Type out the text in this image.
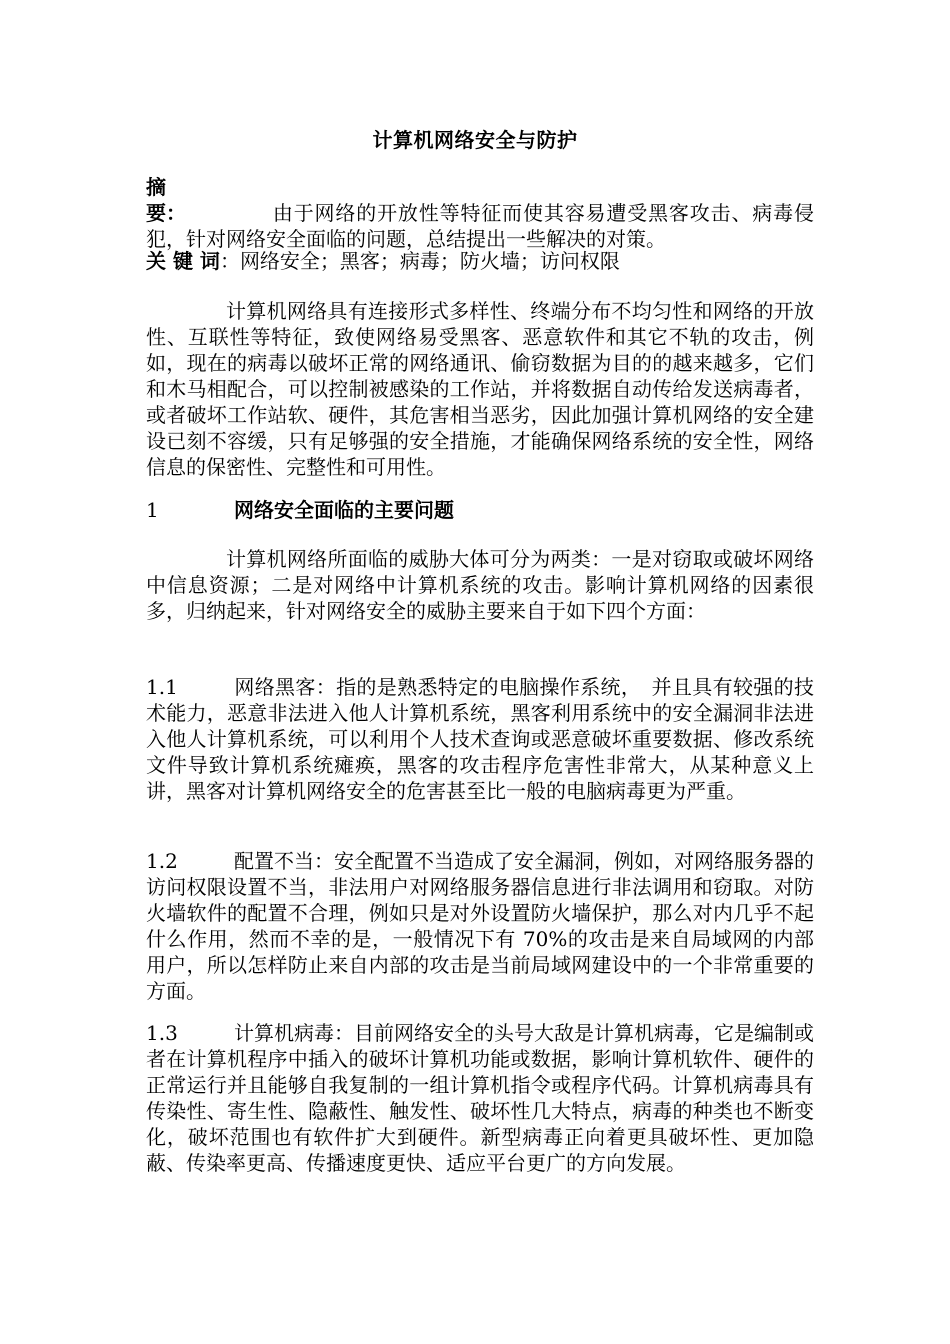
计算机网络安全与防护
摘要：	由于网络的开放性等特征而使其容易遭受黑客攻击、病毒侵犯，针对网络安全面临的问题，总结提出一些解决的对策。
关 键 词：网络安全；黑客；病毒；防火墙；访问权限
计算机网络具有连接形式多样性、终端分布不均匀性和网络的开放性、互联性等特征，致使网络易受黑客、恶意软件和其它不轨的攻击，例如，现在的病毒以破坏正常的网络通讯、偷窃数据为目的的越来越多，它们和木马相配合，可以控制被感染的工作站，并将数据自动传给发送病毒者，或者破坏工作站软、硬件，其危害相当恶劣，因此加强计算机网络的安全建设已刻不容缓，只有足够强的安全措施，才能确保网络系统的安全性，网络信息的保密性、完整性和可用性。
1	网络安全面临的主要问题
计算机网络所面临的威胁大体可分为两类：一是对窃取或破坏网络中信息资源；二是对网络中计算机系统的攻击。影响计算机网络的因素很多，归纳起来，针对网络安全的威胁主要来自于如下四个方面：
1.1	网络黑客：指的是熟悉特定的电脑操作系统，　并且具有较强的技术能力，恶意非法进入他人计算机系统，黑客利用系统中的安全漏洞非法进入他人计算机系统，可以利用个人技术查询或恶意破坏重要数据、修改系统文件导致计算机系统瘫痪，黑客的攻击程序危害性非常大，从某种意义上讲，黑客对计算机网络安全的危害甚至比一般的电脑病毒更为严重。
1.2	配置不当：安全配置不当造成了安全漏洞，例如，对网络服务器的访问权限设置不当，非法用户对网络服务器信息进行非法调用和窃取。对防火墙软件的配置不合理，例如只是对外设置防火墙保护，那么对内几乎不起什么作用，然而不幸的是，一般情况下有 70%的攻击是来自局域网的内部用户，所以怎样防止来自内部的攻击是当前局域网建设中的一个非常重要的方面。
1.3	计算机病毒：目前网络安全的头号大敌是计算机病毒，它是编制或者在计算机程序中插入的破坏计算机功能或数据，影响计算机软件、硬件的正常运行并且能够自我复制的一组计算机指令或程序代码。计算机病毒具有传染性、寄生性、隐蔽性、触发性、破坏性几大特点，病毒的种类也不断变化，破坏范围也有软件扩大到硬件。新型病毒正向着更具破坏性、更加隐蔽、传染率更高、传播速度更快、适应平台更广的方向发展。
